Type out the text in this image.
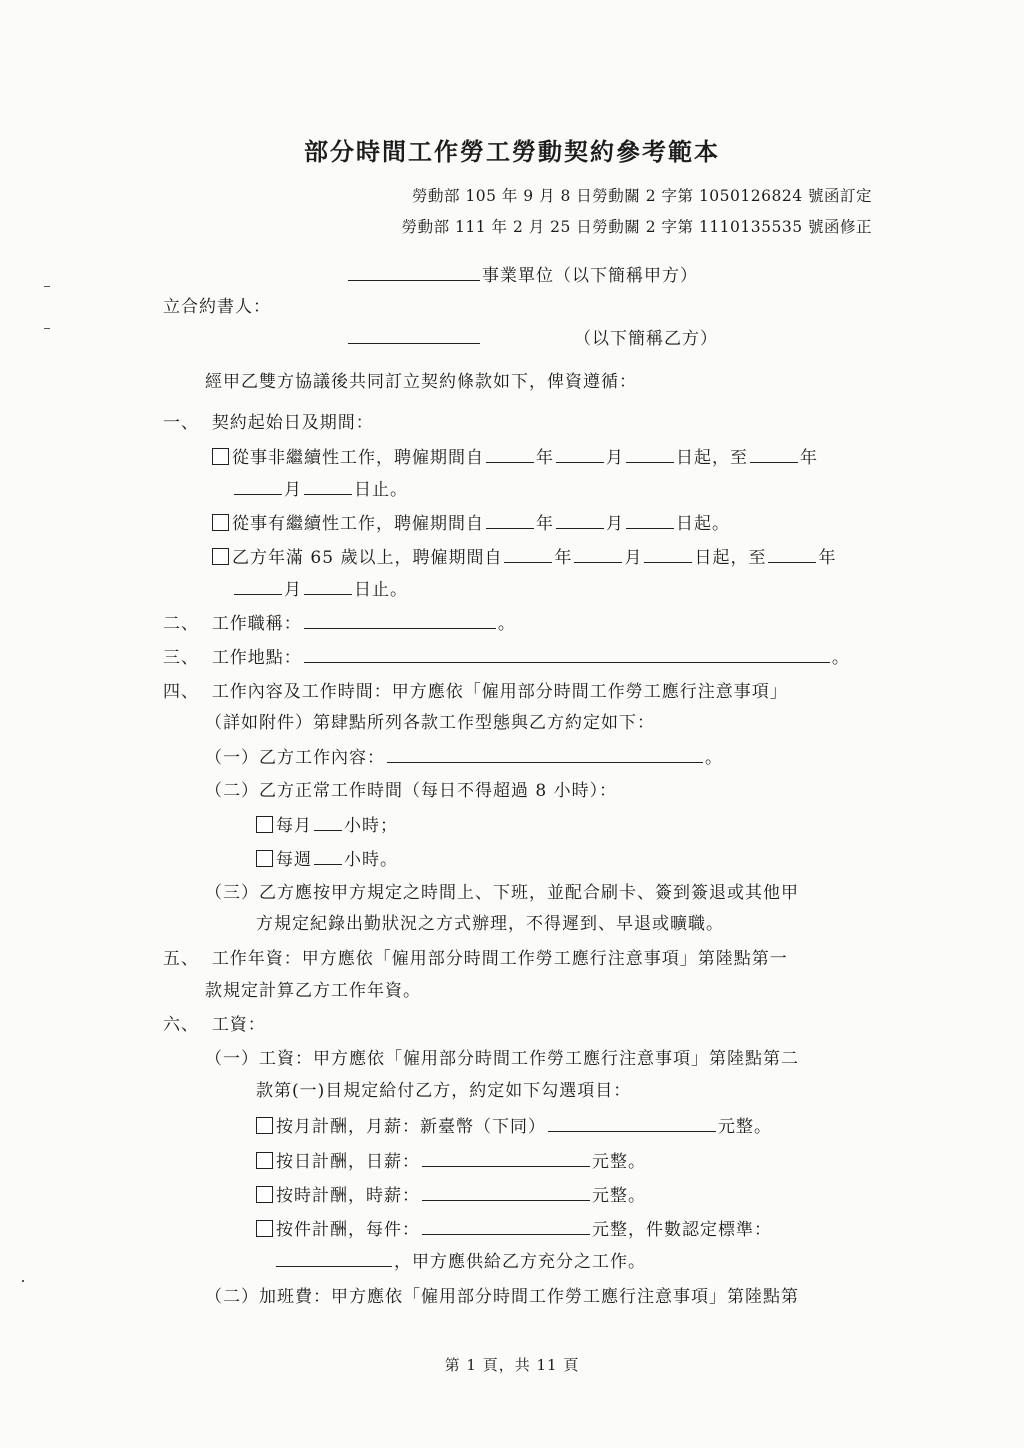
部分時間工作勞工勞動契約參考範本
勞動部 105 年 9 月 8 日勞動關 2 字第 1050126824 號函訂定
勞動部 111 年 2 月 25 日勞動關 2 字第 1110135535 號函修正
事業單位（以下簡稱甲方）
立合約書人：
（以下簡稱乙方）
經甲乙雙方協議後共同訂立契約條款如下，俾資遵循：
一、 契約起始日及期間：
從事非繼續性工作，聘僱期間自	年	月	日起，至	年
月	日止。
從事有繼續性工作，聘僱期間自	年	月	日起。
乙方年滿 65 歲以上，聘僱期間自	年	月	日起，至	年
月	日止。
二、 工作職稱：	。
三、 工作地點：	。
四、 工作內容及工作時間：甲方應依「僱用部分時間工作勞工應行注意事項」
（詳如附件）第肆點所列各款工作型態與乙方約定如下：
（一）乙方工作內容：	。
（二）乙方正常工作時間（每日不得超過 8 小時）：
每月 小時；
每週 小時。
（三）乙方應按甲方規定之時間上、下班，並配合刷卡、簽到簽退或其他甲
方規定紀錄出勤狀況之方式辦理，不得遲到、早退或曠職。
五、 工作年資：甲方應依「僱用部分時間工作勞工應行注意事項」第陸點第一
款規定計算乙方工作年資。
六、 工資：
（一）工資：甲方應依「僱用部分時間工作勞工應行注意事項」第陸點第二
款第(一)目規定給付乙方，約定如下勾選項目：
按月計酬，月薪：新臺幣（下同）	元整。
按日計酬，日薪：	元整。
按時計酬，時薪：	元整。
按件計酬，每件：	元整，件數認定標準：
，甲方應供給乙方充分之工作。
（二）加班費：甲方應依「僱用部分時間工作勞工應行注意事項」第陸點第
第 1 頁，共 11 頁
